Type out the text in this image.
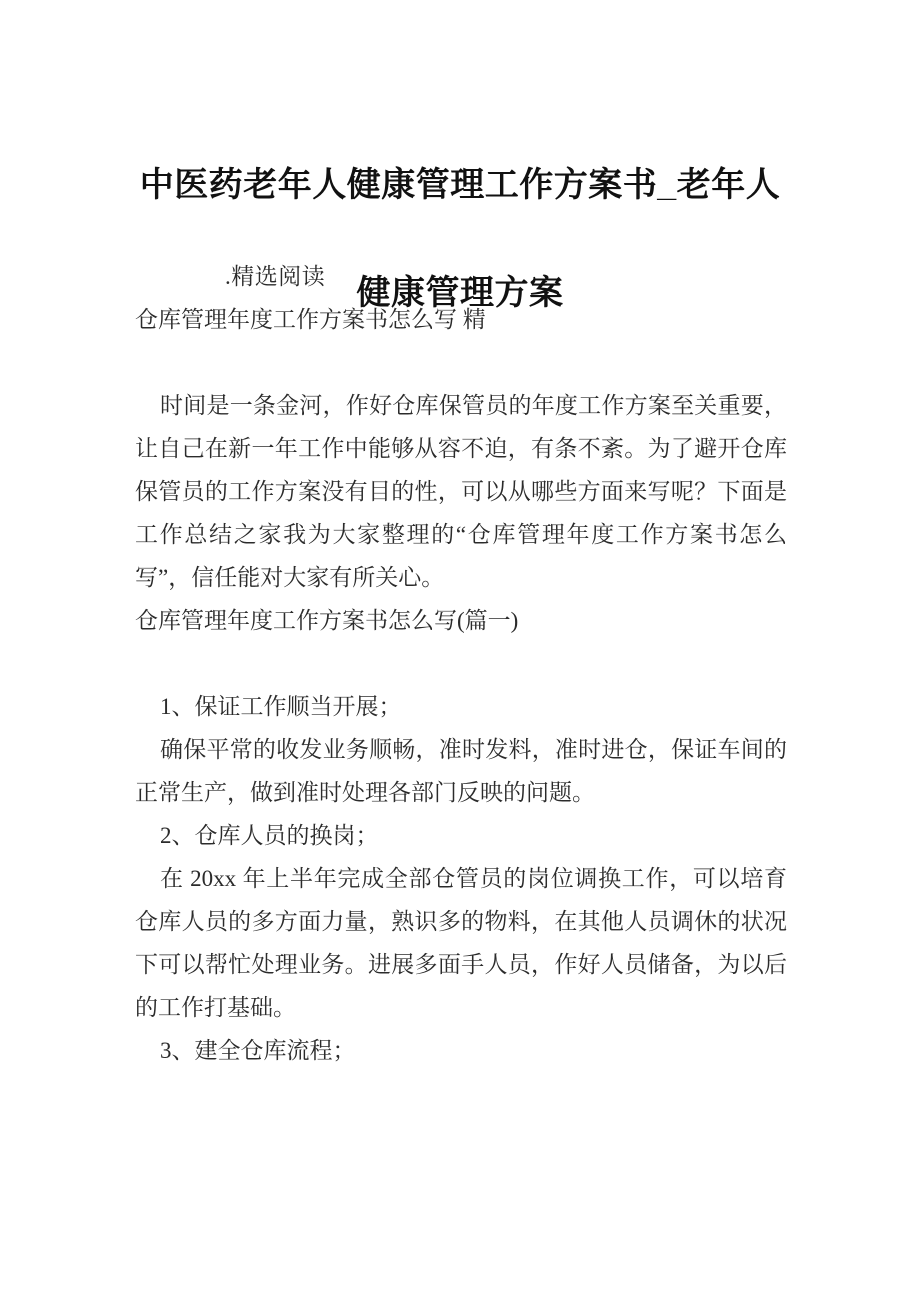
中医药老年人健康管理工作方案书_老年人

健康管理方案

.精选阅读
仓库管理年度工作方案书怎么写 精

时间是一条金河，作好仓库保管员的年度工作方案至关重要，让自己在新一年工作中能够从容不迫，有条不紊。为了避开仓库保管员的工作方案没有目的性，可以从哪些方面来写呢？下面是工作总结之家我为大家整理的“仓库管理年度工作方案书怎么写”，信任能对大家有所关心。

仓库管理年度工作方案书怎么写(篇一)
1、保证工作顺当开展；

确保平常的收发业务顺畅，准时发料，准时进仓，保证车间的正常生产，做到准时处理各部门反映的问题。

2、仓库人员的换岗；

在 20xx 年上半年完成全部仓管员的岗位调换工作，可以培育仓库人员的多方面力量，熟识多的物料，在其他人员调休的状况下可以帮忙处理业务。进展多面手人员，作好人员储备，为以后的工作打基础。

3、建全仓库流程；
